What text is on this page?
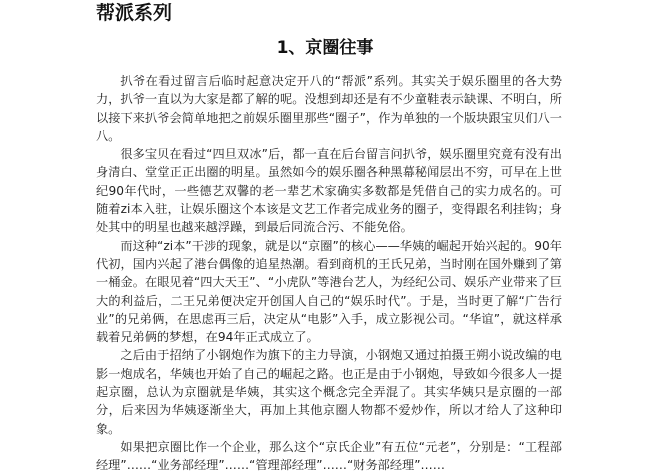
帮派系列
1、京圈往事

扒爷在看过留言后临时起意决定开八的“帮派”系列。其实关于娱乐圈里的各大势力，扒爷一直以为大家是都了解的呢。没想到却还是有不少童鞋表示缺课、不明白，所以接下来扒爷会简单地把之前娱乐圈里那些“圈子”，作为单独的一个版块跟宝贝们八一八。

很多宝贝在看过“四旦双冰”后，都一直在后台留言问扒爷，娱乐圈里究竟有没有出身清白、堂堂正正出圈的明星。虽然如今的娱乐圈各种黑幕秘闻层出不穷，可早在上世纪90年代时，一些德艺双馨的老一辈艺术家确实多数都是凭借自己的实力成名的。可随着zi本入驻，让娱乐圈这个本该是文艺工作者完成业务的圈子，变得跟名利挂钩；身处其中的明星也越来越浮躁，到最后同流合污、不能免俗。

而这种“zi本”干涉的现象，就是以“京圈”的核心——华姨的崛起开始兴起的。90年代初，国内兴起了港台偶像的追星热潮。看到商机的王氏兄弟，当时刚在国外赚到了第一桶金。在眼见着“四大天王”、“小虎队”等港台艺人，为经纪公司、娱乐产业带来了巨大的利益后，二王兄弟便决定开创国人自己的“娱乐时代”。于是，当时更了解“广告行业”的兄弟俩，在思虑再三后，决定从“电影”入手，成立影视公司。“华谊”，就这样承载着兄弟俩的梦想，在94年正式成立了。

之后由于招纳了小钢炮作为旗下的主力导演，小钢炮又通过拍摄王朔小说改编的电影一炮成名，华姨也开始了自己的崛起之路。也正是由于小钢炮，导致如今很多人一提起京圈，总认为京圈就是华姨，其实这个概念完全弄混了。其实华姨只是京圈的一部分，后来因为华姨逐渐坐大，再加上其他京圈人物都不爱炒作，所以才给人了这种印象。

如果把京圈比作一个企业，那么这个“京氏企业”有五位“元老”，分别是：“工程部经理”……“业务部经理”……“管理部经理”……“财务部经理”……
